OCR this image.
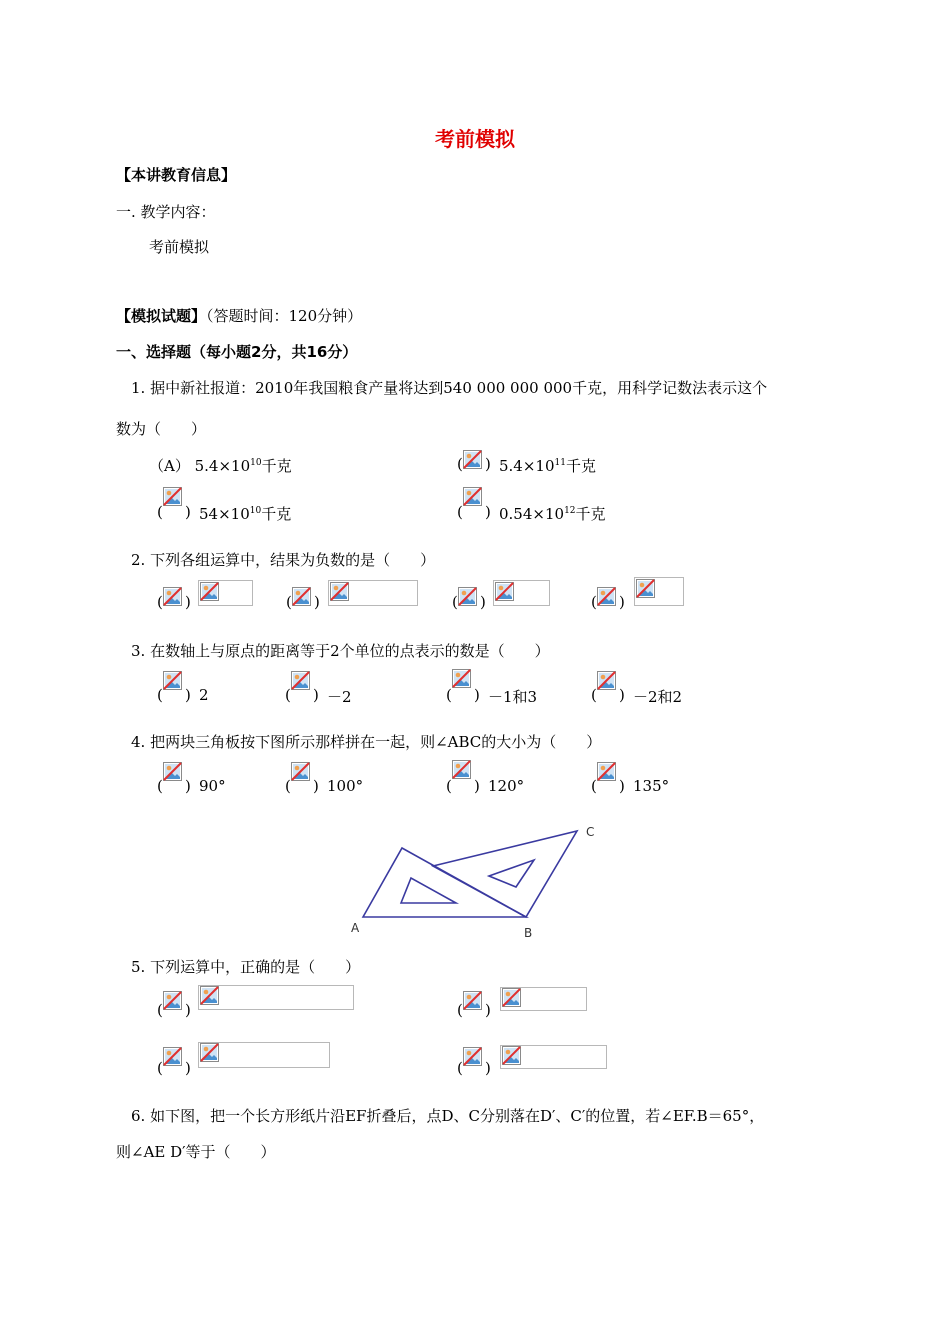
考前模拟
【本讲教育信息】
一. 教学内容：
考前模拟
【模拟试题】（答题时间：120分钟）
一、选择题（每小题2分，共16分）
1. 据中新社报道：2010年我国粮食产量将达到540 000 000 000千克，用科学记数法表示这个
数为（　　）
（A） $5.4\times 10^{10}$千克	( ) $5.4\times 10^{11}$千克
( ) $54\times 10^{10}$千克	( ) $0.54\times 10^{12}$千克
2. 下列各组运算中，结果为负数的是（　　）
( )	( )	( )	( )
3. 在数轴上与原点的距离等于2个单位的点表示的数是（　　）
( ) 2	( ) －2	( ) －1和3	( ) －2和2
4. 把两块三角板按下图所示那样拼在一起，则∠ABC的大小为（　　）
( ) 90°	( ) 100°	( ) 120°	( ) 135°
A	B
C
5. 下列运算中，正确的是（　　）
( )	( )
( )	( )
6. 如下图，把一个长方形纸片沿EF折叠后，点D、C分别落在D′、C′的位置，若∠EF.B＝65°，
则∠AE D′等于（　　）
